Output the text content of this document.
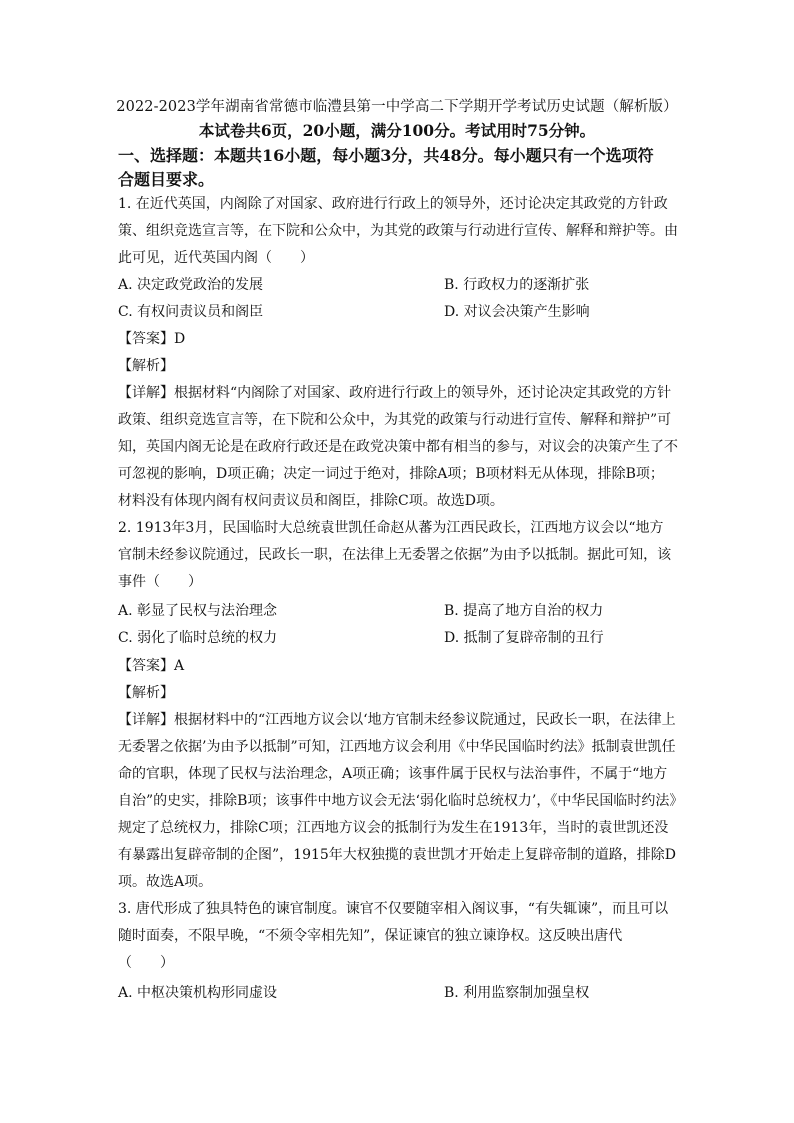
2022-2023学年湖南省常德市临澧县第一中学高二下学期开学考试历史试题（解析版）
本试卷共6页，20小题，满分100分。考试用时75分钟。
一、选择题：本题共16小题，每小题3分，共48分。每小题只有一个选项符
合题目要求。
1. 在近代英国，内阁除了对国家、政府进行行政上的领导外，还讨论决定其政党的方针政
策、组织竞选宣言等，在下院和公众中，为其党的政策与行动进行宣传、解释和辩护等。由
此可见，近代英国内阁（　　）
A. 决定政党政治的发展	B. 行政权力的逐渐扩张
C. 有权问责议员和阁臣	D. 对议会决策产生影响
【答案】D
【解析】
【详解】根据材料“内阁除了对国家、政府进行行政上的领导外，还讨论决定其政党的方针
政策、组织竞选宣言等，在下院和公众中，为其党的政策与行动进行宣传、解释和辩护”可
知，英国内阁无论是在政府行政还是在政党决策中都有相当的参与，对议会的决策产生了不
可忽视的影响，D项正确；决定一词过于绝对，排除A项；B项材料无从体现，排除B项；
材料没有体现内阁有权问责议员和阁臣，排除C项。故选D项。
2. 1913年3月，民国临时大总统袁世凯任命赵从蕃为江西民政长，江西地方议会以“地方
官制未经参议院通过，民政长一职，在法律上无委署之依据”为由予以抵制。据此可知，该
事件（　　）
A. 彰显了民权与法治理念	B. 提高了地方自治的权力
C. 弱化了临时总统的权力	D. 抵制了复辟帝制的丑行
【答案】A
【解析】
【详解】根据材料中的“江西地方议会以‘地方官制未经参议院通过，民政长一职，在法律上
无委署之依据’为由予以抵制”可知，江西地方议会利用《中华民国临时约法》抵制袁世凯任
命的官职，体现了民权与法治理念，A项正确；该事件属于民权与法治事件，不属于“地方
自治”的史实，排除B项；该事件中地方议会无法‘弱化临时总统权力’，《中华民国临时约法》
规定了总统权力，排除C项；江西地方议会的抵制行为发生在1913年，当时的袁世凯还没
有暴露出复辟帝制的企图”，1915年大权独揽的袁世凯才开始走上复辟帝制的道路，排除D
项。故选A项。
3. 唐代形成了独具特色的谏官制度。谏官不仅要随宰相入阁议事，“有失辄谏”，而且可以
随时面奏，不限早晚，“不须令宰相先知”，保证谏官的独立谏诤权。这反映出唐代
（　　）
A. 中枢决策机构形同虚设	B. 利用监察制加强皇权
